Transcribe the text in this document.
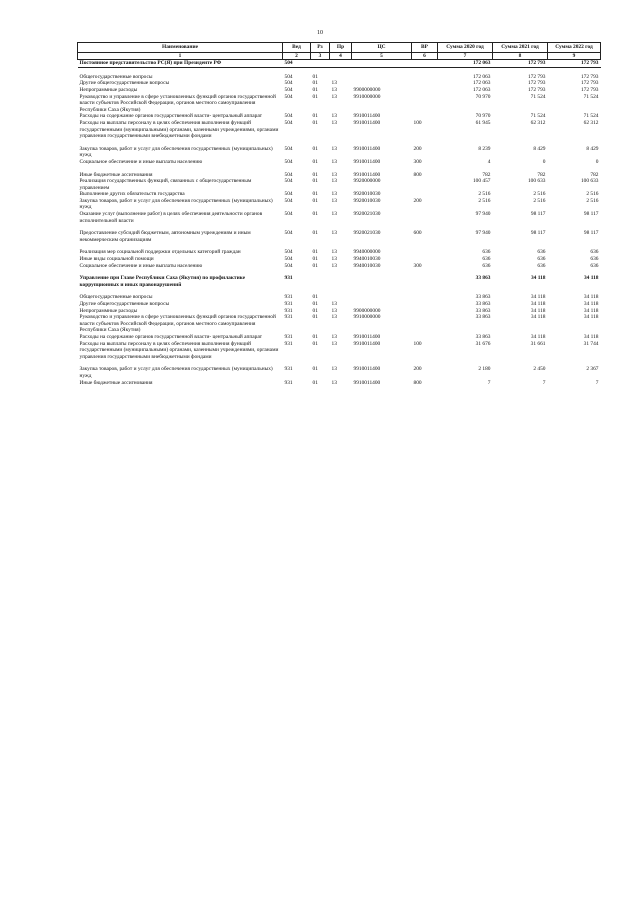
10
Наименование	Вед	Рз	Пр	ЦС	ВР	Сумма 2020 год	Сумма 2021 год	Сумма 2022 год
1	2	3	4	5	6	7	8	9
Постоянное представительство РС(Я) при Президенте РФ	504					172 063	172 793	172 793

Общегосударственные вопросы	504	01				172 063	172 793	172 793
Другие общегосударственные вопросы	504	01	13			172 063	172 793	172 793
Непрограммные расходы	504	01	13	9900000000		172 063	172 793	172 793
Руководство и управление в сфере установленных функций органов государственной власти субъектов Российской Федерации, органов местного самоуправления Республики Саха (Якутия)	504	01	13	9910000000		70 970	71 524	71 524
Расходы на содержание органов государственной власти- центральный аппарат	504	01	13	9910011400		70 970	71 524	71 524
Расходы на выплаты персоналу в целях обеспечения выполнения функций государственными (муниципальными) органами, казенными учреждениями, органами управления государственными внебюджетными фондами	504	01	13	9910011400	100	61 945	62 312	62 312

Закупка товаров, работ и услуг для обеспечения государственных (муниципальных) нужд	504	01	13	9910011400	200	8 239	8 429	8 429
Социальное обеспечение и иные выплаты населению	504	01	13	9910011400	300	4	0	0

Иные бюджетные ассигнования	504	01	13	9910011400	800	782	782	782
Реализация государственных функций, связанных с общегосударственным управлением	504	01	13	9920000000		100 457	100 633	100 633
Выполнение других обязательств государства	504	01	13	9920010030		2 516	2 516	2 516
Закупка товаров, работ и услуг для обеспечения государственных (муниципальных) нужд	504	01	13	9920010030	200	2 516	2 516	2 516
Оказание услуг (выполнение работ) в целях обеспечения деятельности органов исполнительной власти	504	01	13	9920021030		97 940	98 117	98 117

Предоставление субсидий бюджетным, автономным учреждениям и иным некоммерческим организациям	504	01	13	9920021030	600	97 940	98 117	98 117

Реализация мер социальной поддержки отдельных категорий граждан	504	01	13	9940000000		636	636	636
Иные виды социальной помощи	504	01	13	9940010030		636	636	636
Социальное обеспечение и иные выплаты населению	504	01	13	9940010030	300	636	636	636

Управление при Главе Республики Саха (Якутия) по профилактике коррупционных и иных правонарушений	931					33 863	34 118	34 118

Общегосударственные вопросы	931	01				33 863	34 118	34 118
Другие общегосударственные вопросы	931	01	13			33 863	34 118	34 118
Непрограммные расходы	931	01	13	9900000000		33 863	34 118	34 118
Руководство и управление в сфере установленных функций органов государственной власти субъектов Российской Федерации, органов местного самоуправления Республики Саха (Якутия)	931	01	13	9910000000		33 863	34 118	34 118
Расходы на содержание органов государственной власти- центральный аппарат	931	01	13	9910011400		33 863	34 118	34 118
Расходы на выплаты персоналу в целях обеспечения выполнения функций государственными (муниципальными) органами, казенными учреждениями, органами управления государственными внебюджетными фондами	931	01	13	9910011400	100	31 676	31 661	31 744

Закупка товаров, работ и услуг для обеспечения государственных (муниципальных) нужд	931	01	13	9910011400	200	2 180	2 450	2 367
Иные бюджетные ассигнования	931	01	13	9910011400	800	7	7	7
